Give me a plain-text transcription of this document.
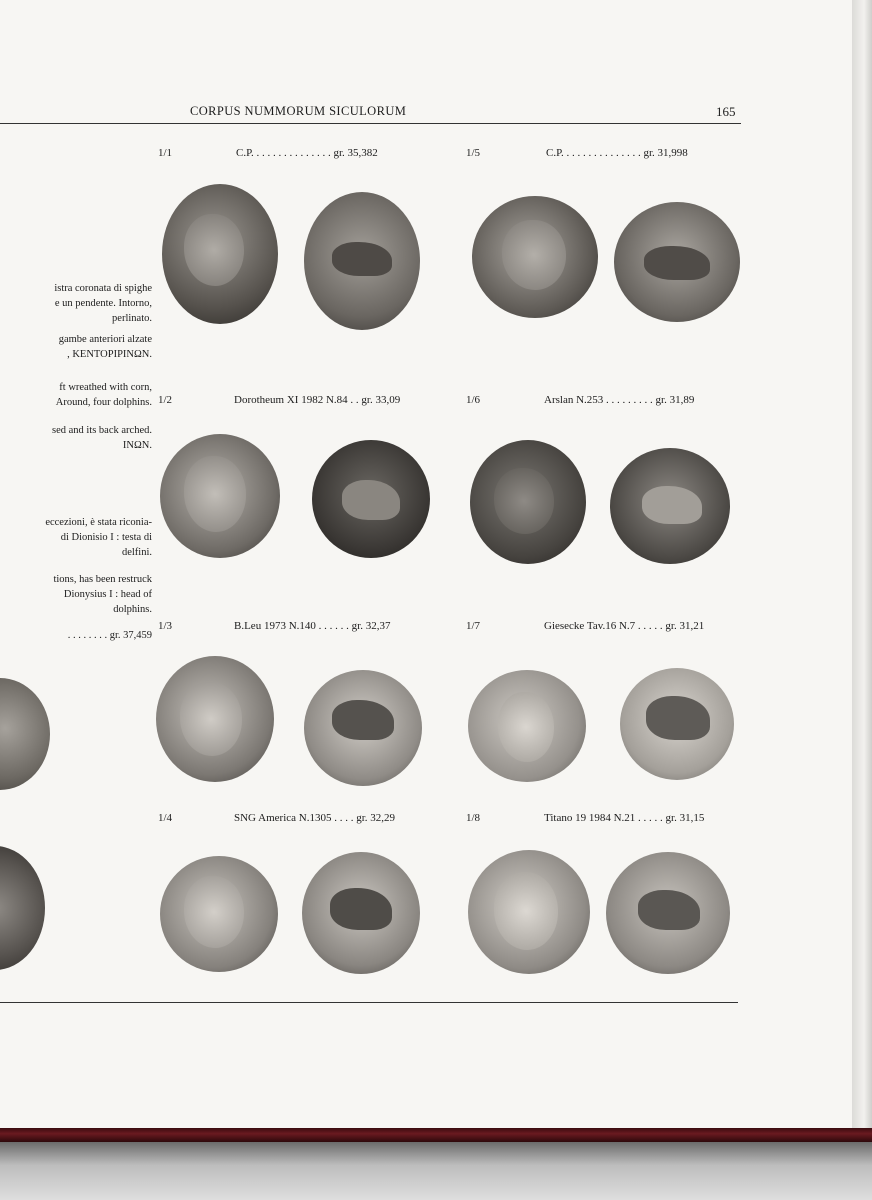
CORPUS NUMMORUM SICULORUM	165
istra coronata di spighe
e un pendente. Intorno,
perlinato.
gambe anteriori alzate
, KENTOPIPINΩN.
ft wreathed with corn,
Around, four dolphins.
sed and its back arched.
INΩN.
eccezioni, è stata riconia-
di Dionisio I : testa di
delfini.
tions, has been restruck
Dionysius I : head of
dolphins.
. . . . . . . . gr. 37,459
1/1	C.P. . . . . . . . . . . . . . . gr. 35,382	1/5	C.P. . . . . . . . . . . . . . . gr. 31,998
1/2	Dorotheum XI 1982 N.84 . . gr. 33,09	1/6	Arslan N.253 . . . . . . . . . gr. 31,89
1/3	B.Leu 1973 N.140 . . . . . . gr. 32,37	1/7	Giesecke Tav.16 N.7 . . . . . gr. 31,21
1/4	SNG America N.1305 . . . . gr. 32,29	1/8	Titano 19 1984 N.21 . . . . . gr. 31,15
